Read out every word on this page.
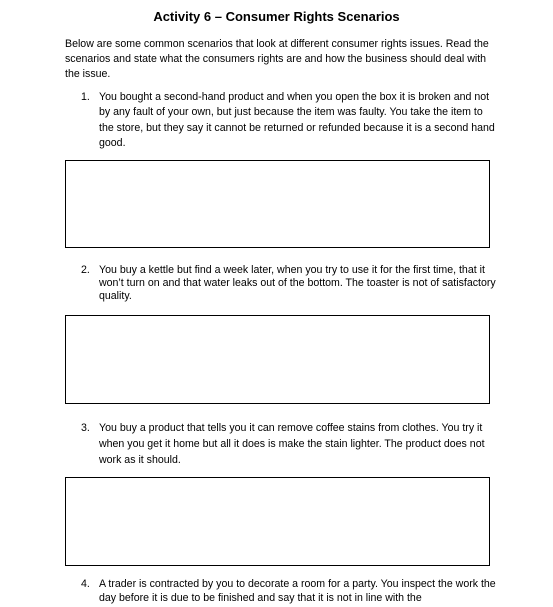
Activity 6 – Consumer Rights Scenarios
Below are some common scenarios that look at different consumer rights issues. Read the scenarios and state what the consumers rights are and how the business should deal with the issue.
1. You bought a second-hand product and when you open the box it is broken and not by any fault of your own, but just because the item was faulty. You take the item to the store, but they say it cannot be returned or refunded because it is a second hand good.
2. You buy a kettle but find a week later, when you try to use it for the first time, that it won’t turn on and that water leaks out of the bottom. The toaster is not of satisfactory quality.
3. You buy a product that tells you it can remove coffee stains from clothes. You try it when you get it home but all it does is make the stain lighter. The product does not work as it should.
4. A trader is contracted by you to decorate a room for a party. You inspect the work the day before it is due to be finished and say that it is not in line with the
